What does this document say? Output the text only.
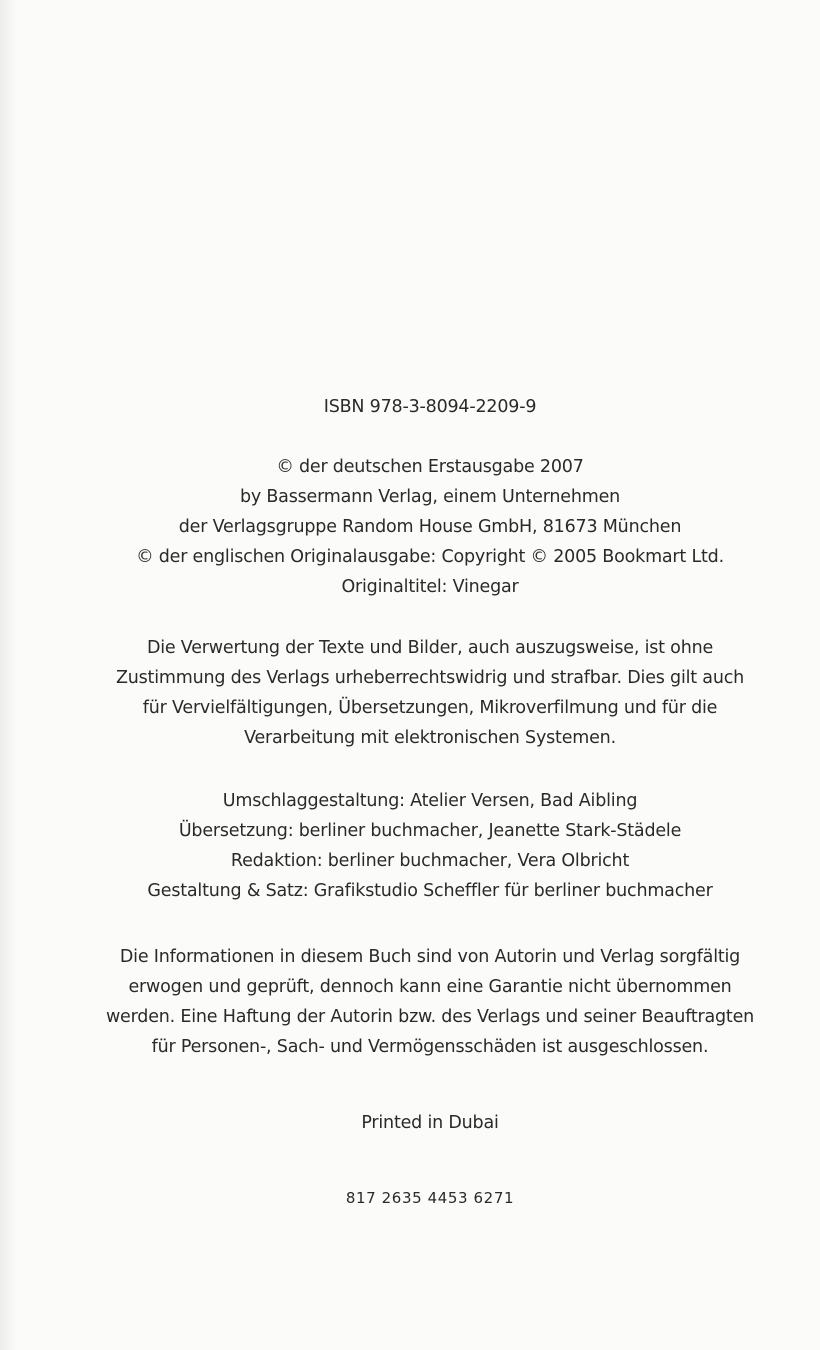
ISBN 978-3-8094-2209-9
© der deutschen Erstausgabe 2007
by Bassermann Verlag, einem Unternehmen
der Verlagsgruppe Random House GmbH, 81673 München
© der englischen Originalausgabe: Copyright © 2005 Bookmart Ltd.
Originaltitel: Vinegar
Die Verwertung der Texte und Bilder, auch auszugsweise, ist ohne
Zustimmung des Verlags urheberrechtswidrig und strafbar. Dies gilt auch
für Vervielfältigungen, Übersetzungen, Mikroverfilmung und für die
Verarbeitung mit elektronischen Systemen.
Umschlaggestaltung: Atelier Versen, Bad Aibling
Übersetzung: berliner buchmacher, Jeanette Stark-Städele
Redaktion: berliner buchmacher, Vera Olbricht
Gestaltung & Satz: Grafikstudio Scheffler für berliner buchmacher
Die Informationen in diesem Buch sind von Autorin und Verlag sorgfältig
erwogen und geprüft, dennoch kann eine Garantie nicht übernommen
werden. Eine Haftung der Autorin bzw. des Verlags und seiner Beauftragten
für Personen-, Sach- und Vermögensschäden ist ausgeschlossen.
Printed in Dubai
817 2635 4453 6271
